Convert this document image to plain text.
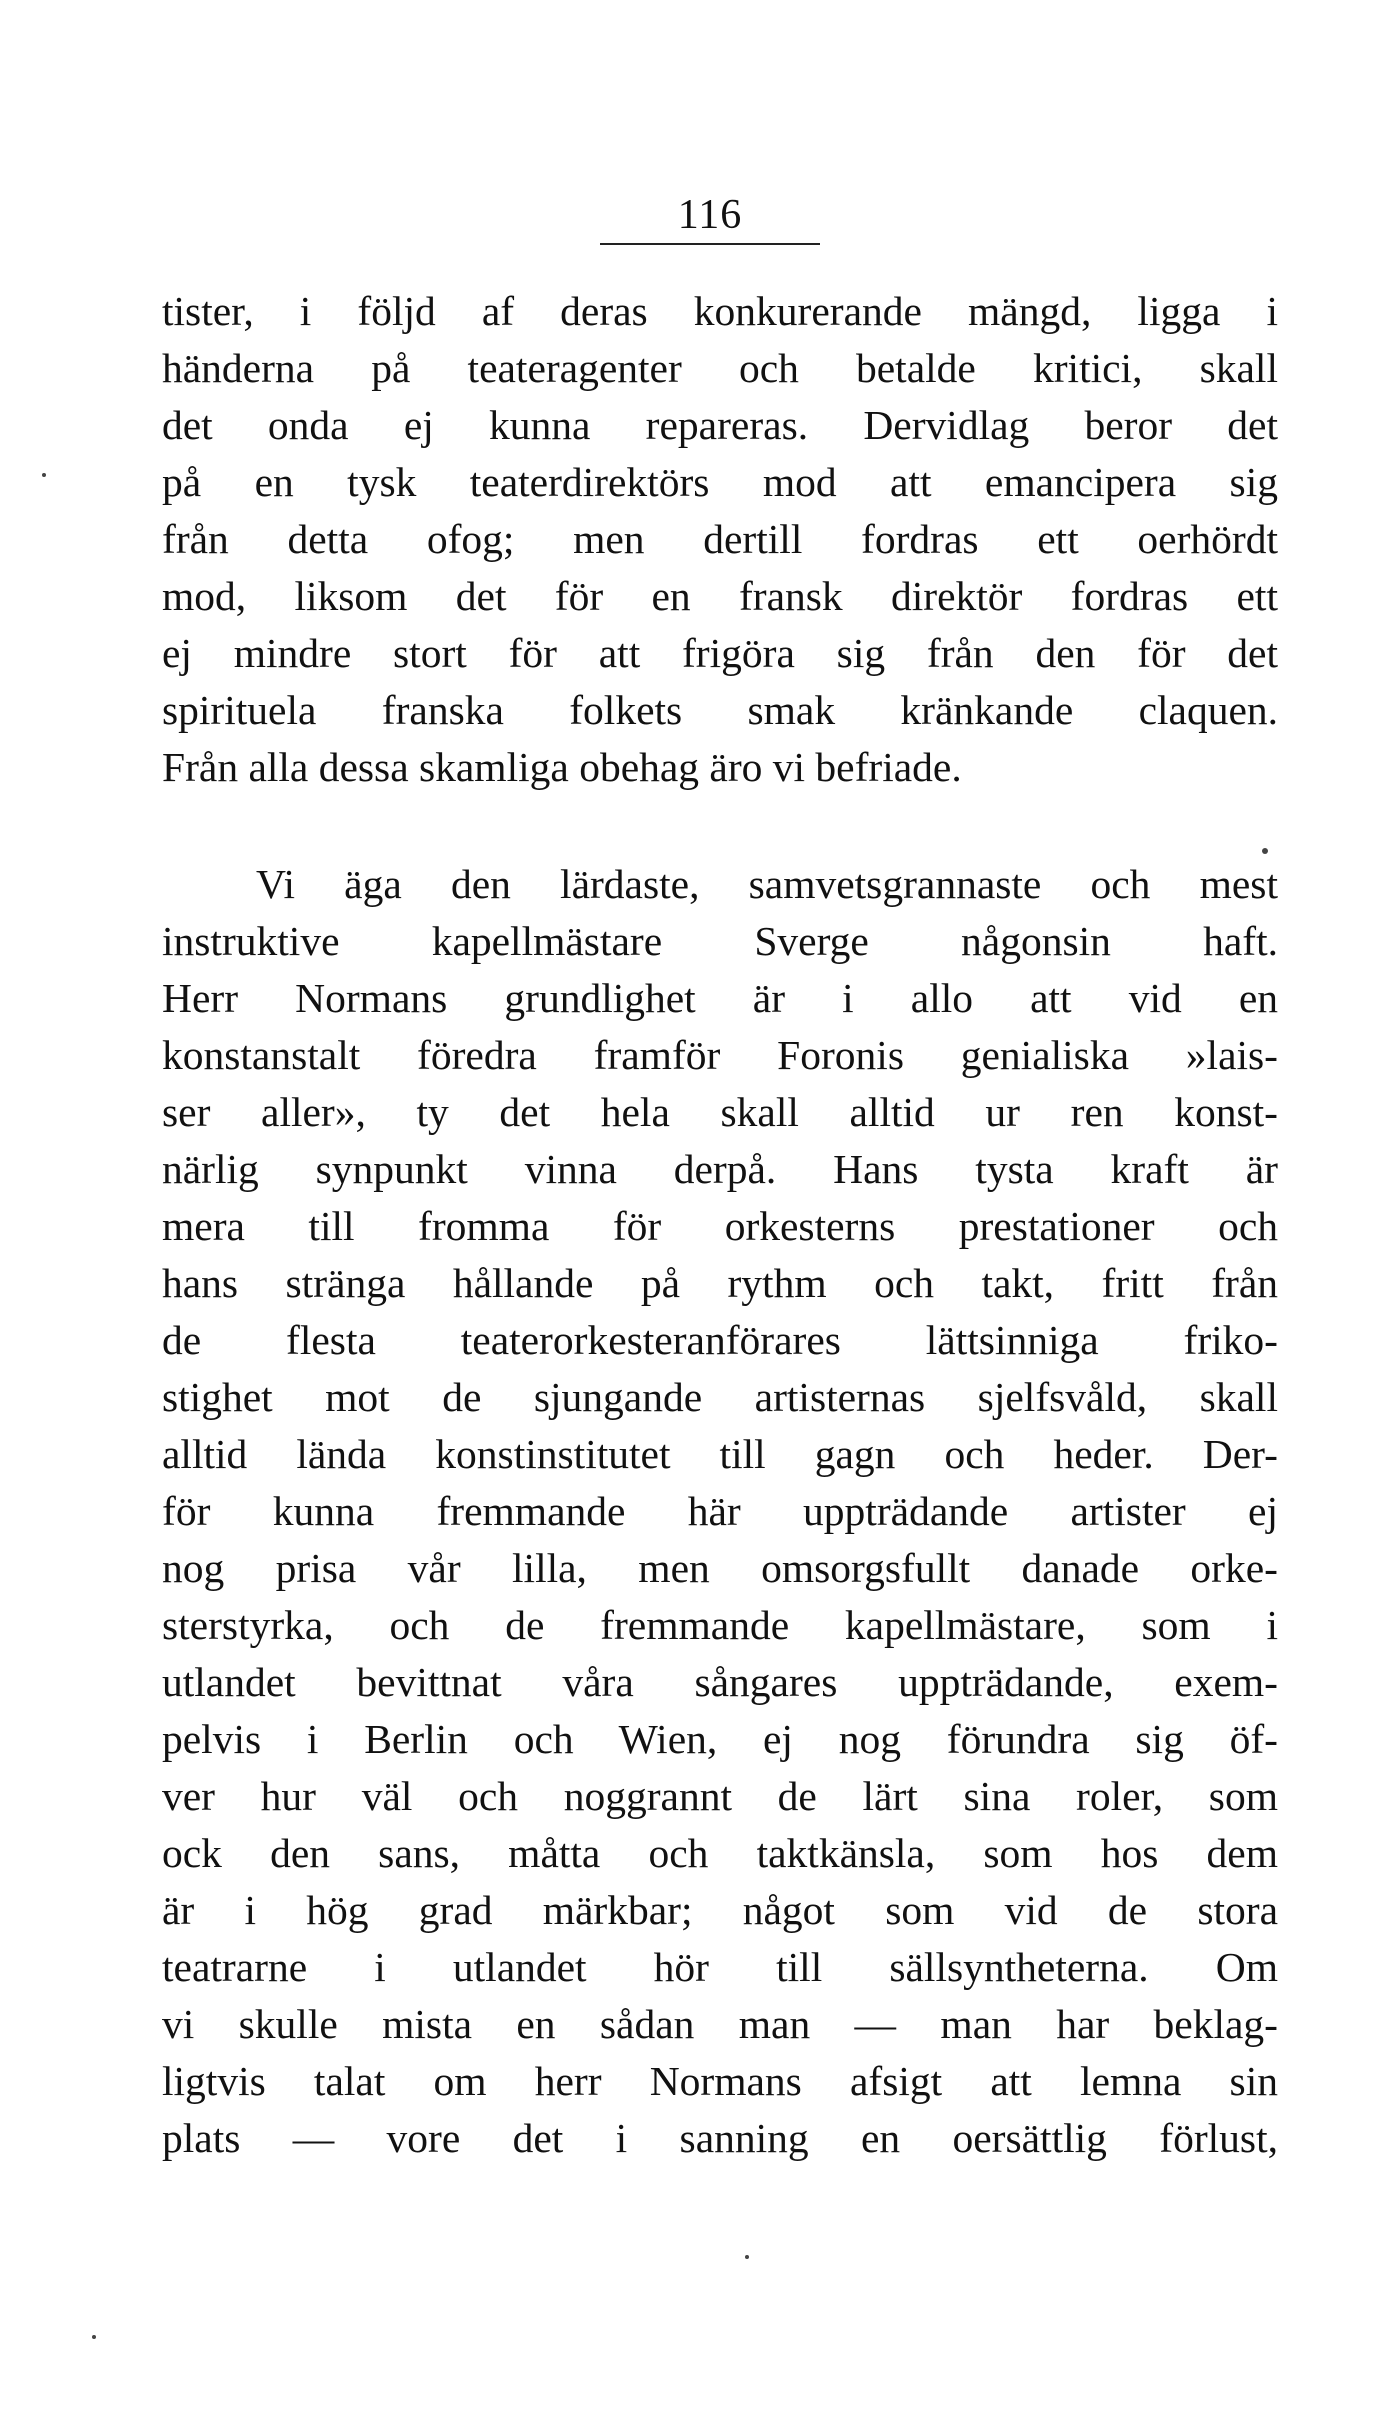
116
tister, i följd af deras konkurerande mängd, ligga i
händerna på teateragenter och betalde kritici, skall
det onda ej kunna repareras. Dervidlag beror det
på en tysk teaterdirektörs mod att emancipera sig
från detta ofog; men dertill fordras ett oerhördt
mod, liksom det för en fransk direktör fordras ett
ej mindre stort för att frigöra sig från den för det
spirituela franska folkets smak kränkande claquen.
Från alla dessa skamliga obehag äro vi befriade.
Vi äga den lärdaste, samvetsgrannaste och mest
instruktive kapellmästare Sverge någonsin haft.
Herr Normans grundlighet är i allo att vid en
konstanstalt föredra framför Foronis genialiska »lais-
ser aller», ty det hela skall alltid ur ren konst-
närlig synpunkt vinna derpå. Hans tysta kraft är
mera till fromma för orkesterns prestationer och
hans stränga hållande på rythm och takt, fritt från
de flesta teaterorkesteranförares lättsinniga friko-
stighet mot de sjungande artisternas sjelfsvåld, skall
alltid lända konstinstitutet till gagn och heder. Der-
för kunna fremmande här uppträdande artister ej
nog prisa vår lilla, men omsorgsfullt danade orke-
sterstyrka, och de fremmande kapellmästare, som i
utlandet bevittnat våra sångares uppträdande, exem-
pelvis i Berlin och Wien, ej nog förundra sig öf-
ver hur väl och noggrannt de lärt sina roler, som
ock den sans, måtta och taktkänsla, som hos dem
är i hög grad märkbar; något som vid de stora
teatrarne i utlandet hör till sällsyntheterna. Om
vi skulle mista en sådan man — man har beklag-
ligtvis talat om herr Normans afsigt att lemna sin
plats — vore det i sanning en oersättlig förlust,
